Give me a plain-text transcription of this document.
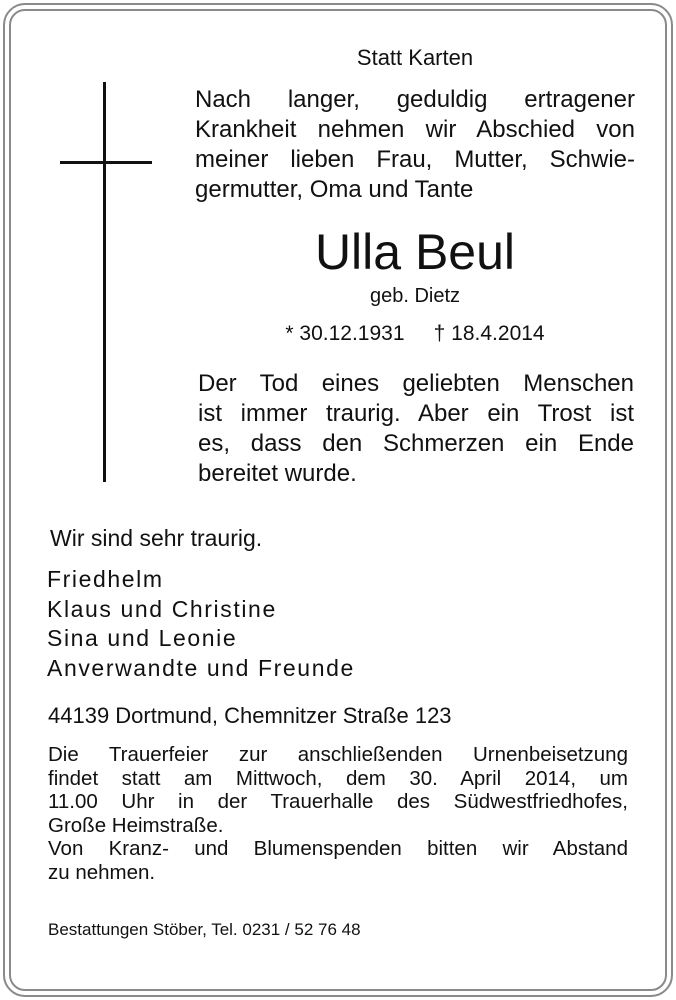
Statt Karten

Nach langer, geduldig ertragener
Krankheit nehmen wir Abschied von
meiner lieben Frau, Mutter, Schwie-
germutter, Oma und Tante

Ulla Beul

geb. Dietz

* 30.12.1931     † 18.4.2014

Der Tod eines geliebten Menschen
ist immer traurig. Aber ein Trost ist
es, dass den Schmerzen ein Ende
bereitet wurde.

Wir sind sehr traurig.

Friedhelm
Klaus und Christine
Sina und Leonie
Anverwandte und Freunde

44139 Dortmund, Chemnitzer Straße 123

Die Trauerfeier zur anschließenden Urnenbeisetzung
findet statt am Mittwoch, dem 30. April 2014, um
11.00 Uhr in der Trauerhalle des Südwestfriedhofes,
Große Heimstraße.
Von Kranz- und Blumenspenden bitten wir Abstand
zu nehmen.

Bestattungen Stöber, Tel. 0231 / 52 76 48
